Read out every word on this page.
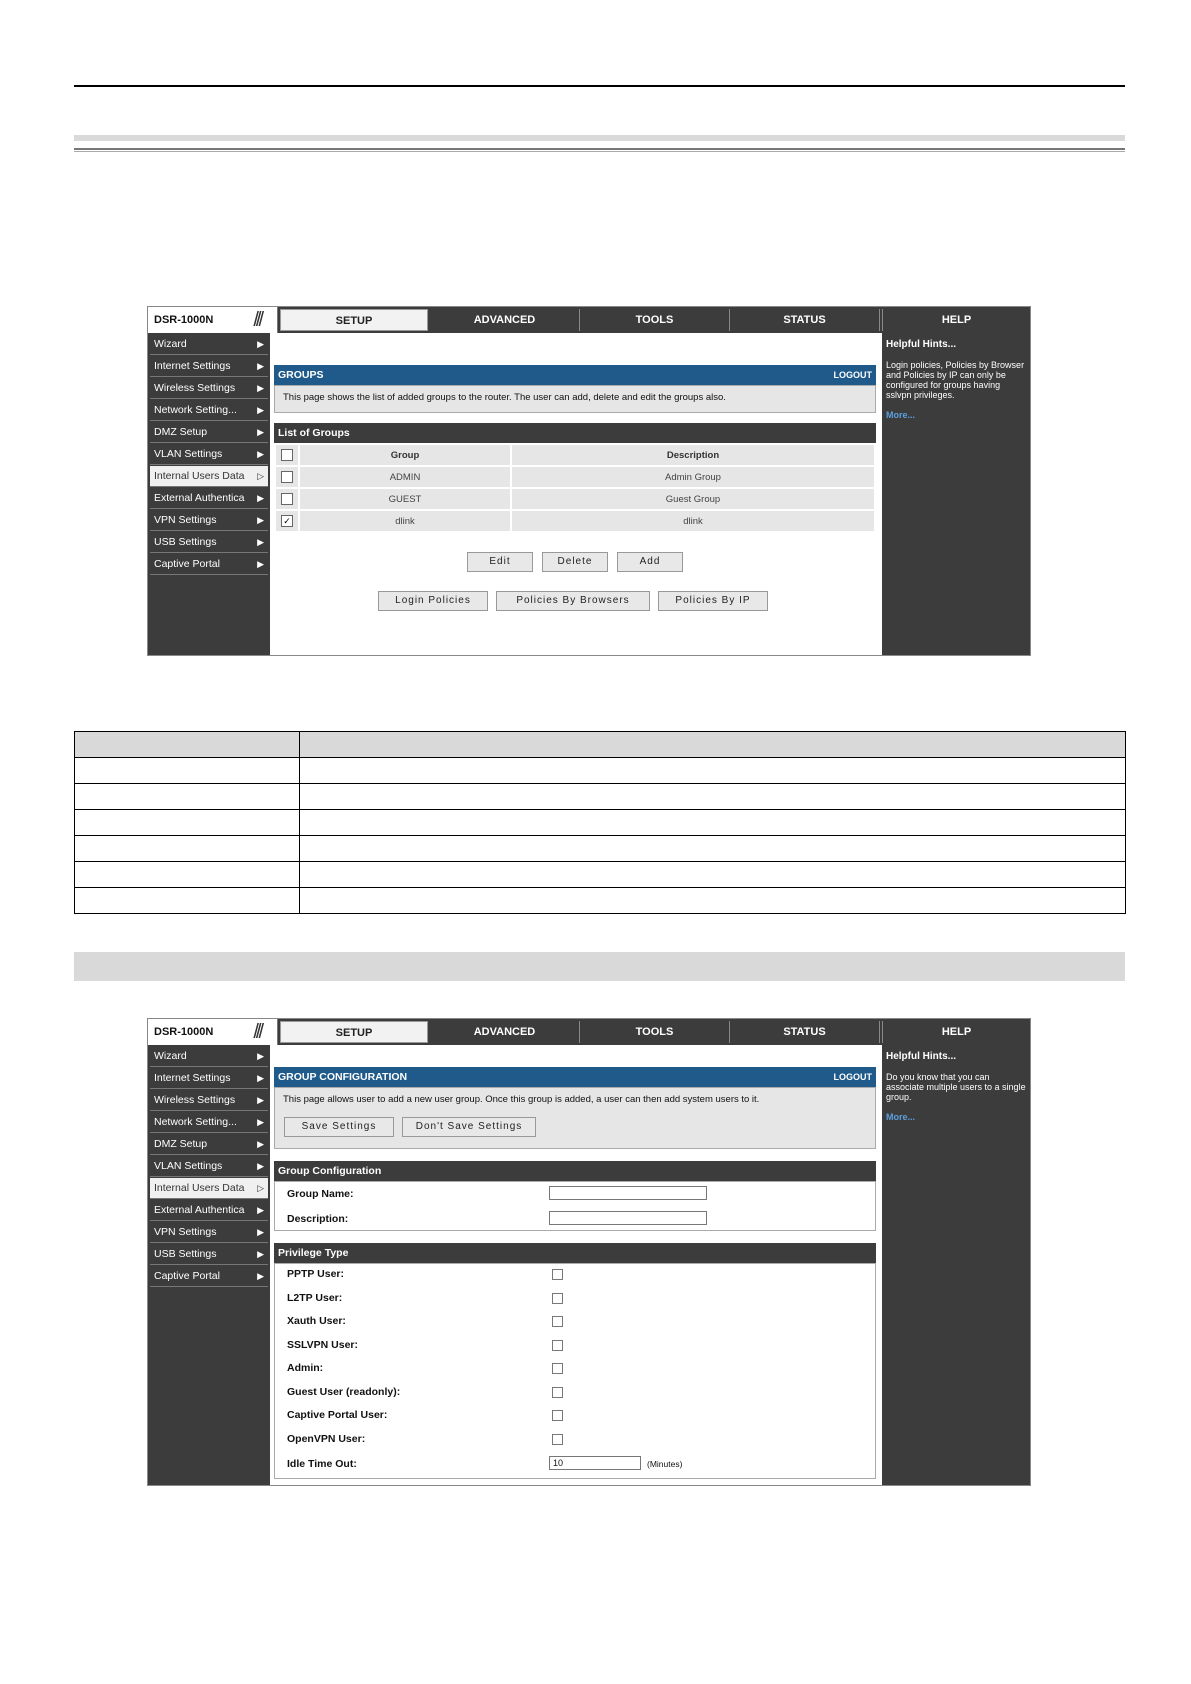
DSR-1000N ///	SETUP	ADVANCED	TOOLS	STATUS	HELP
Wizard	▶
Internet Settings	▶
Wireless Settings ▶
Network Setting... ▶
DMZ Setup	▶
VLAN Settings	▶
Internal Users Data ▷
External Authentica ▶
VPN Settings	▶
USB Settings	▶
Captive Portal	▶
GROUPS	LOGOUT
This page shows the list of added groups to the router. The user can add, delete and edit the groups also.
List of Groups
	Group	Description
	ADMIN	Admin Group
	GUEST	Guest Group
✓	dlink	dlink
Edit	Delete	Add
Login Policies	Policies By Browsers	Policies By IP
Helpful Hints...
Login policies, Policies by Browser and Policies by IP can only be configured for groups having sslvpn privileges.
More...

DSR-1000N ///	SETUP	ADVANCED	TOOLS	STATUS	HELP
Wizard	▶
Internet Settings	▶
Wireless Settings ▶
Network Setting... ▶
DMZ Setup	▶
VLAN Settings	▶
Internal Users Data ▷
External Authentica ▶
VPN Settings	▶
USB Settings	▶
Captive Portal	▶
GROUP CONFIGURATION	LOGOUT
This page allows user to add a new user group. Once this group is added, a user can then add system users to it.
Save Settings	Don't Save Settings
Group Configuration
Group Name:
Description:
Privilege Type
PPTP User:
L2TP User:
Xauth User:
SSLVPN User:
Admin:
Guest User (readonly):
Captive Portal User:
OpenVPN User:
Idle Time Out:	10	(Minutes)
Helpful Hints...
Do you know that you can associate multiple users to a single group.
More...
